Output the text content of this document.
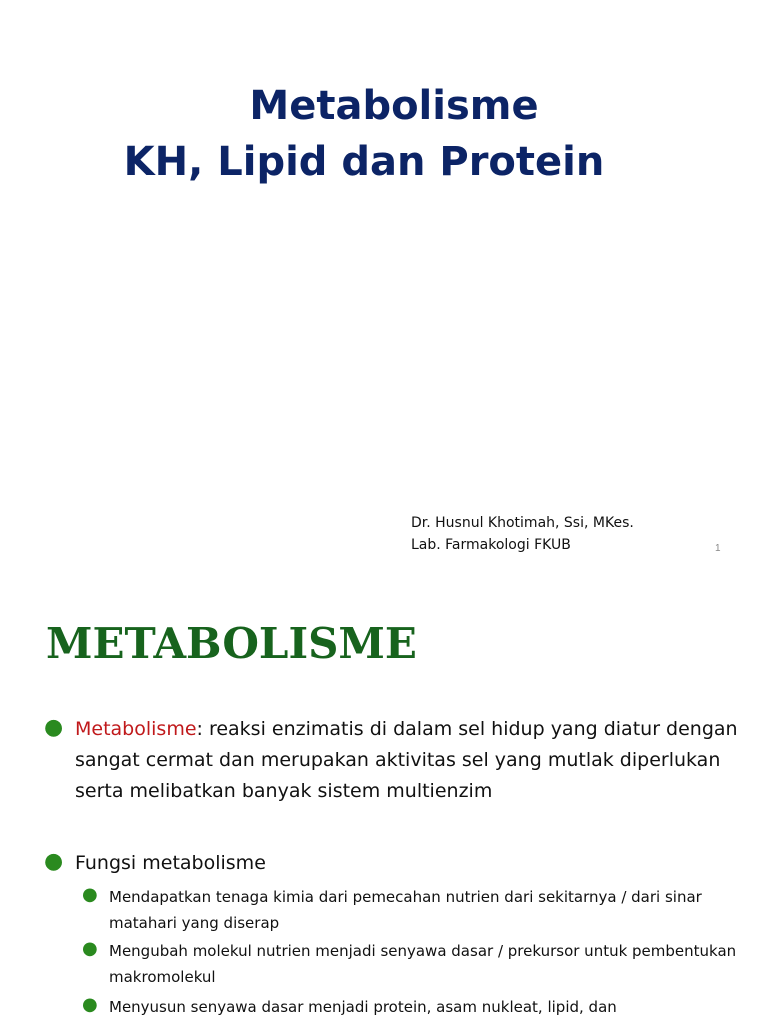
Metabolisme
KH, Lipid dan Protein
Dr. Husnul Khotimah, Ssi, MKes.
Lab. Farmakologi FKUB	1
METABOLISME
● Metabolisme: reaksi enzimatis di dalam sel hidup yang diatur dengan sangat cermat dan merupakan aktivitas sel yang mutlak diperlukan serta melibatkan banyak sistem multienzim
● Fungsi metabolisme
● Mendapatkan tenaga kimia dari pemecahan nutrien dari sekitarnya / dari sinar matahari yang diserap
● Mengubah molekul nutrien menjadi senyawa dasar / prekursor untuk pembentukan makromolekul
● Menyusun senyawa dasar menjadi protein, asam nukleat, lipid, dan
